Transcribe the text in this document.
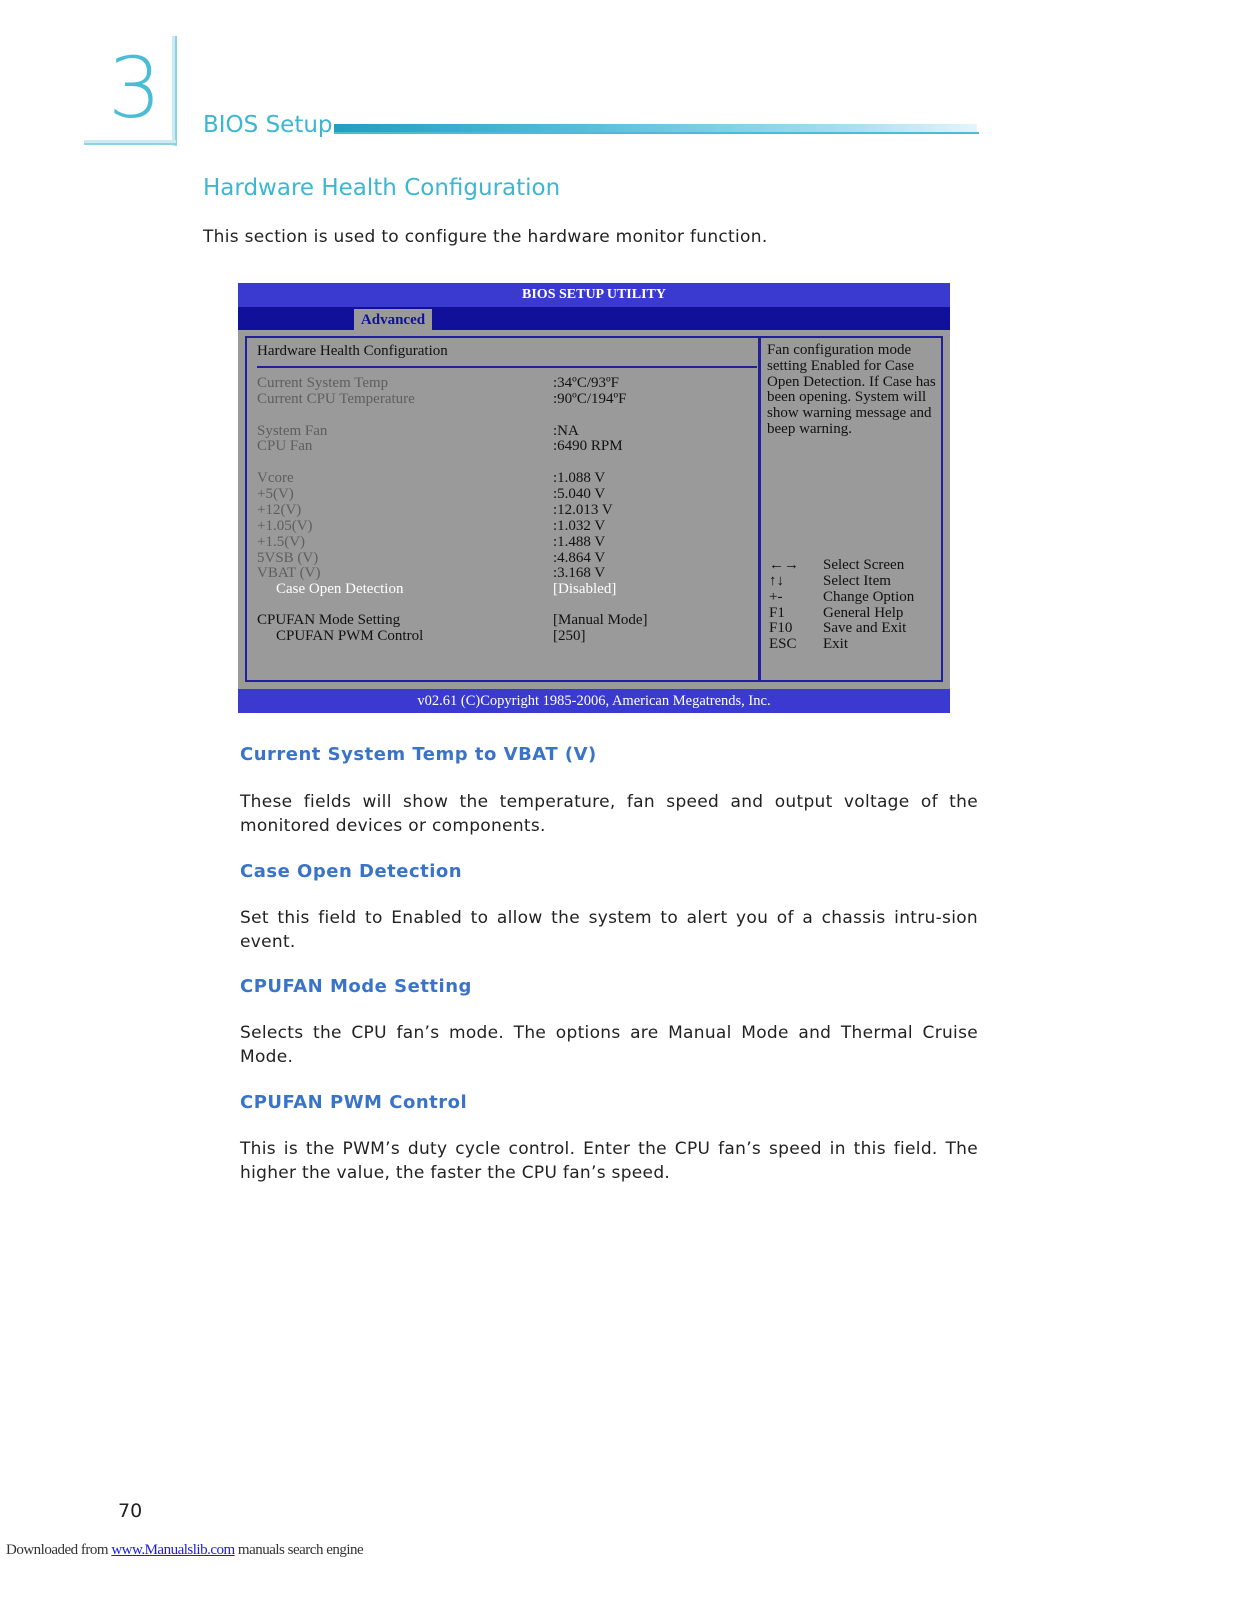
3 BIOS Setup
Hardware Health Configuration
This section is used to configure the hardware monitor function.
BIOS SETUP UTILITY
Advanced
Hardware Health Configuration
Current System Temp	:34ºC/93ºF
Current CPU Temperature	:90ºC/194ºF
System Fan	:NA
CPU Fan	:6490 RPM
Vcore	:1.088 V
+5(V)	:5.040 V
+12(V)	:12.013 V
+1.05(V)	:1.032 V
+1.5(V)	:1.488 V
5VSB (V)	:4.864 V
VBAT (V)	:3.168 V
Case Open Detection	[Disabled]
CPUFAN Mode Setting	[Manual Mode]
CPUFAN PWM Control	[250]
Fan configuration mode setting Enabled for Case Open Detection. If Case has been opening. System will show warning message and beep warning.
←→ Select Screen
↑↓	Select Item
+-	Change Option
F1	General Help
F10 Save and Exit
ESC Exit
v02.61 (C)Copyright 1985-2006, American Megatrends, Inc.
Current System Temp to VBAT (V)
These fields will show the temperature, fan speed and output voltage of the monitored devices or components.
Case Open Detection
Set this field to Enabled to allow the system to alert you of a chassis intru-sion event.
CPUFAN Mode Setting
Selects the CPU fan’s mode. The options are Manual Mode and Thermal Cruise Mode.
CPUFAN PWM Control
This is the PWM’s duty cycle control. Enter the CPU fan’s speed in this field. The higher the value, the faster the CPU fan’s speed.
70
Downloaded from www.Manualslib.com manuals search engine
